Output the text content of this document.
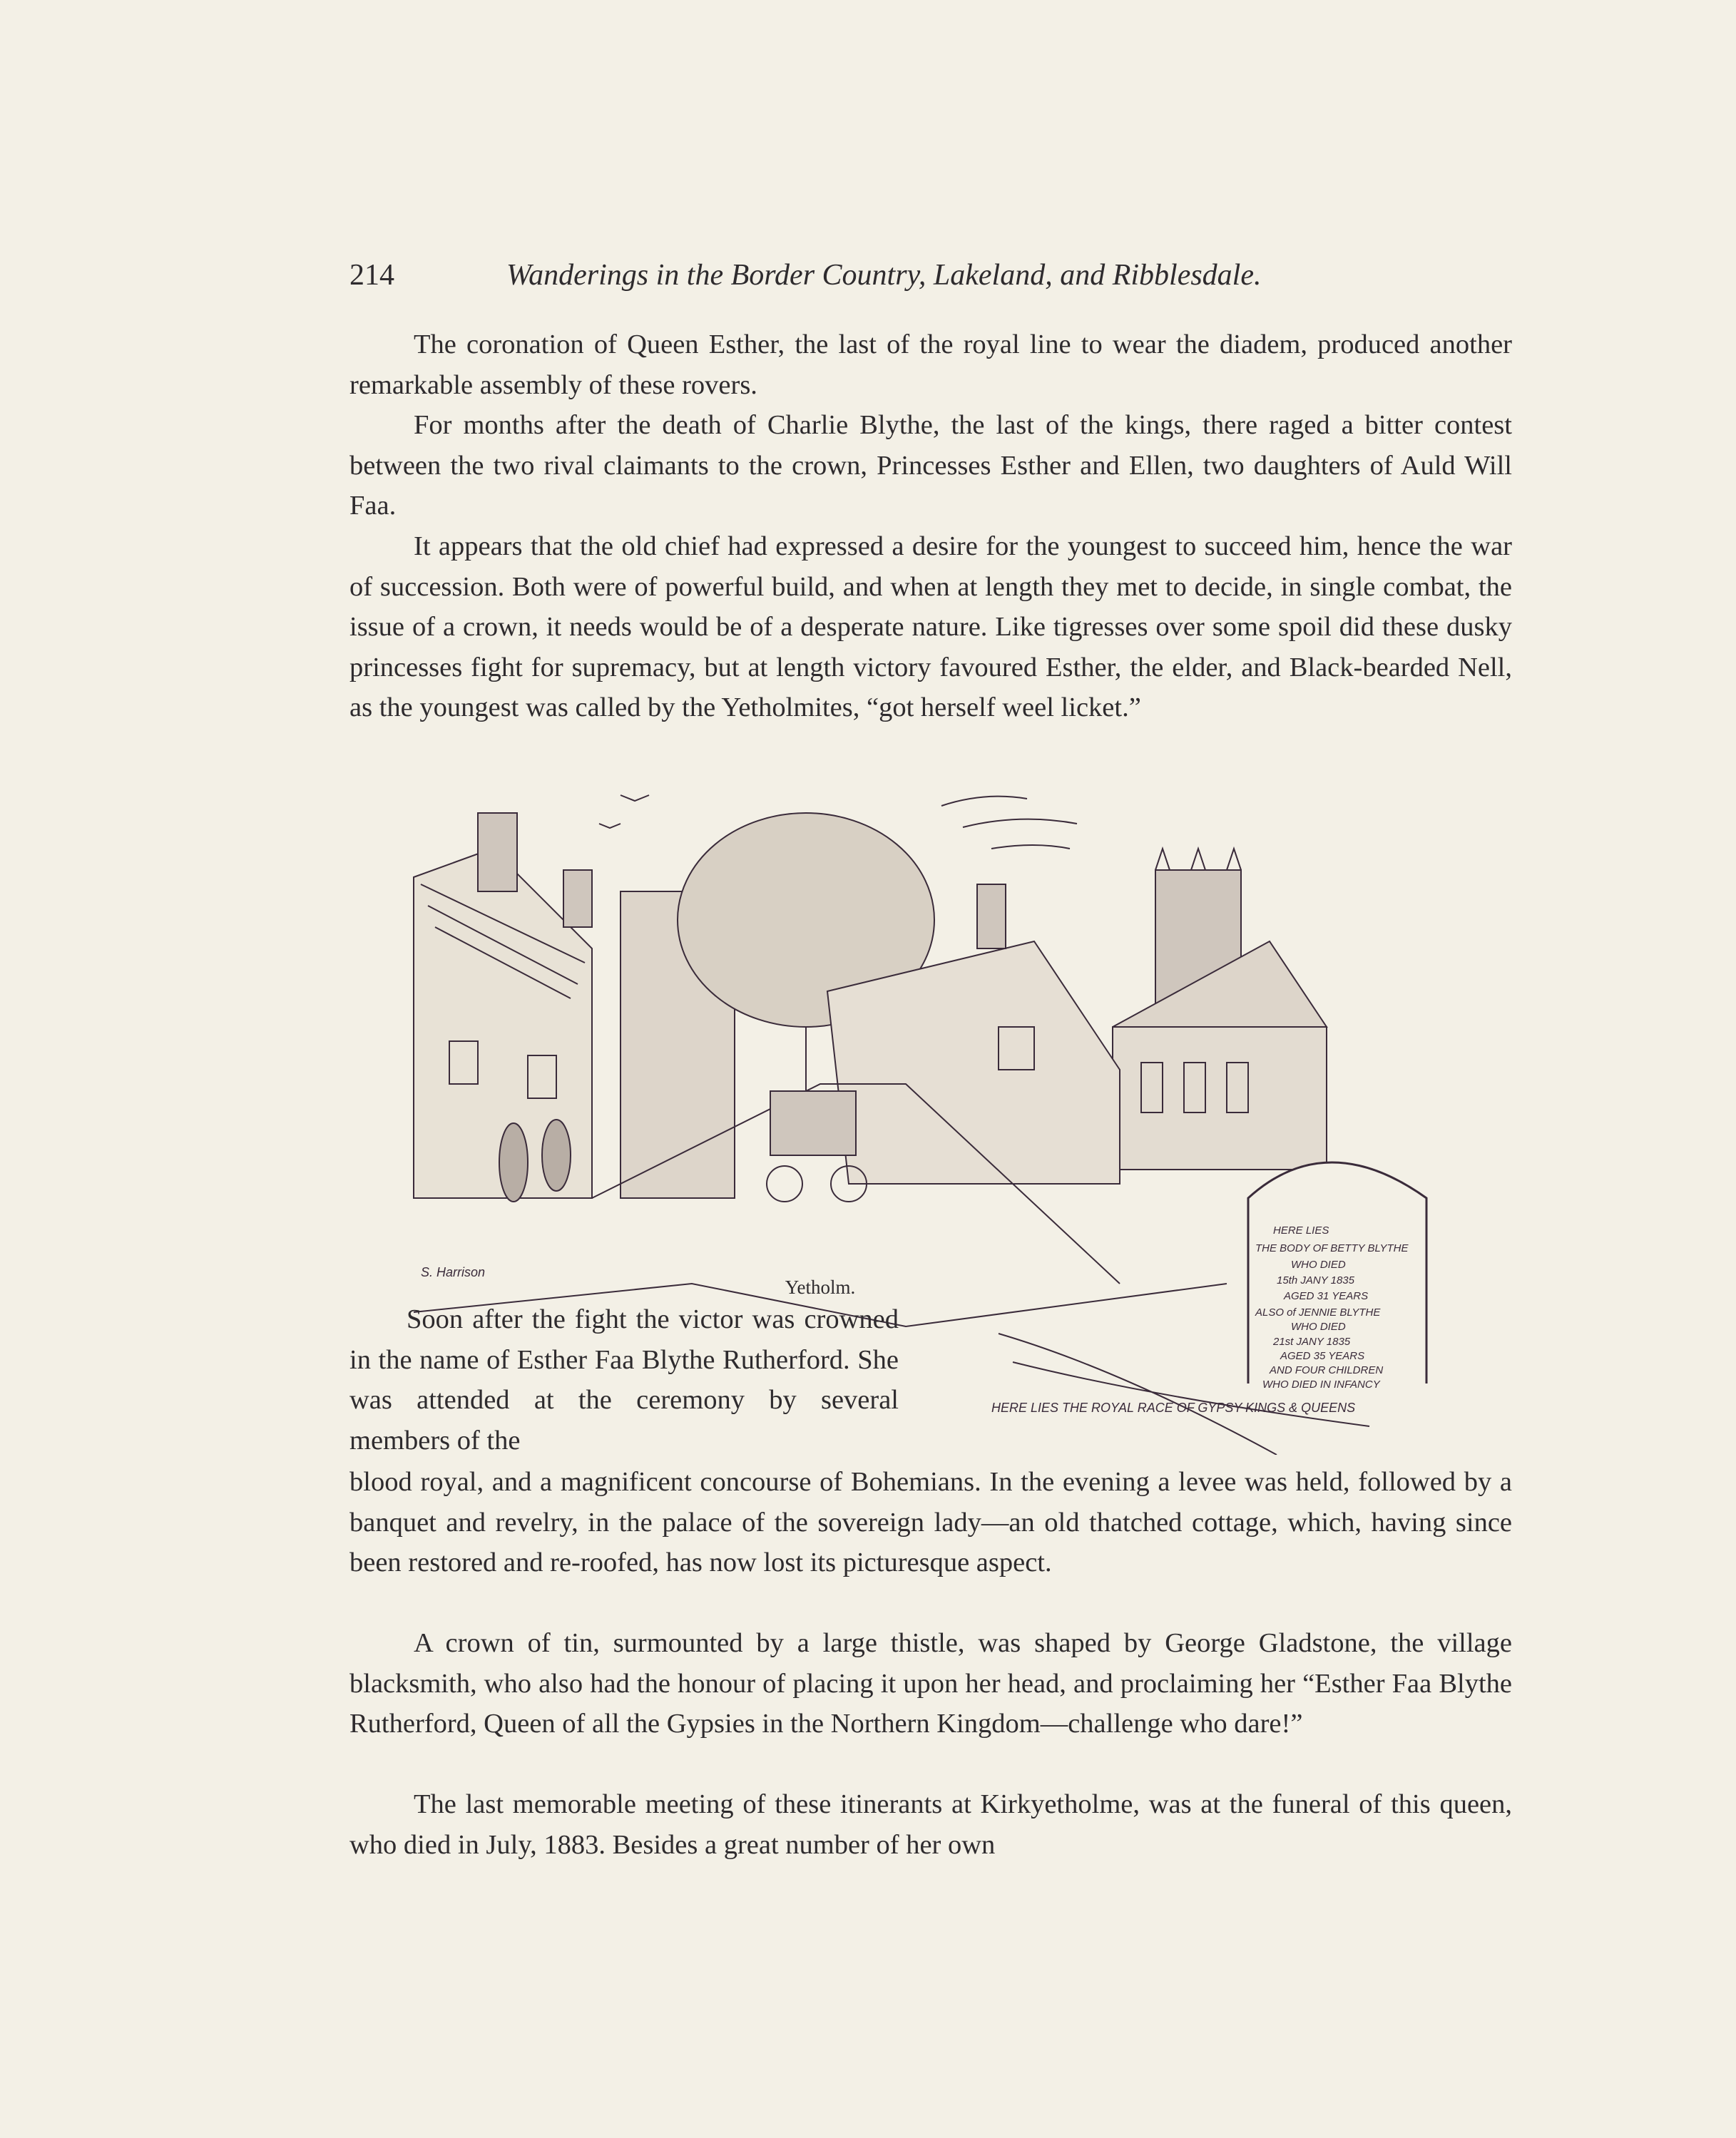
214	Wanderings in the Border Country, Lakeland, and Ribblesdale.

The coronation of Queen Esther, the last of the royal line to wear the diadem, produced another remarkable assembly of these rovers.

For months after the death of Charlie Blythe, the last of the kings, there raged a bitter contest between the two rival claimants to the crown, Princesses Esther and Ellen, two daughters of Auld Will Faa.

It appears that the old chief had expressed a desire for the youngest to succeed him, hence the war of succession. Both were of powerful build, and when at length they met to decide, in single combat, the issue of a crown, it needs would be of a desperate nature. Like tigresses over some spoil did these dusky princesses fight for supremacy, but at length victory favoured Esther, the elder, and Black-bearded Nell, as the youngest was called by the Yetholmites, “got herself weel licket.”

HERE LIES
THE BODY OF BETTY BLYTHE
WHO DIED
15th JANY 1835
AGED 31 YEARS
ALSO of JENNIE BLYTHE
WHO DIED
21st JANY 1835
AGED 35 YEARS
AND FOUR CHILDREN
WHO DIED IN INFANCY
HERE LIES THE ROYAL RACE OF GYPSY KINGS & QUEENS
S. Harrison
Yetholm.

Soon after the fight the victor was crowned in the name of Esther Faa Blythe Rutherford. She was attended at the ceremony by several members of the

blood royal, and a magnificent concourse of Bohemians. In the evening a levee was held, followed by a banquet and revelry, in the palace of the sovereign lady—an old thatched cottage, which, having since been restored and re-roofed, has now lost its picturesque aspect.

A crown of tin, surmounted by a large thistle, was shaped by George Gladstone, the village blacksmith, who also had the honour of placing it upon her head, and proclaiming her “Esther Faa Blythe Rutherford, Queen of all the Gypsies in the Northern Kingdom—challenge who dare!”

The last memorable meeting of these itinerants at Kirkyetholme, was at the funeral of this queen, who died in July, 1883. Besides a great number of her own
